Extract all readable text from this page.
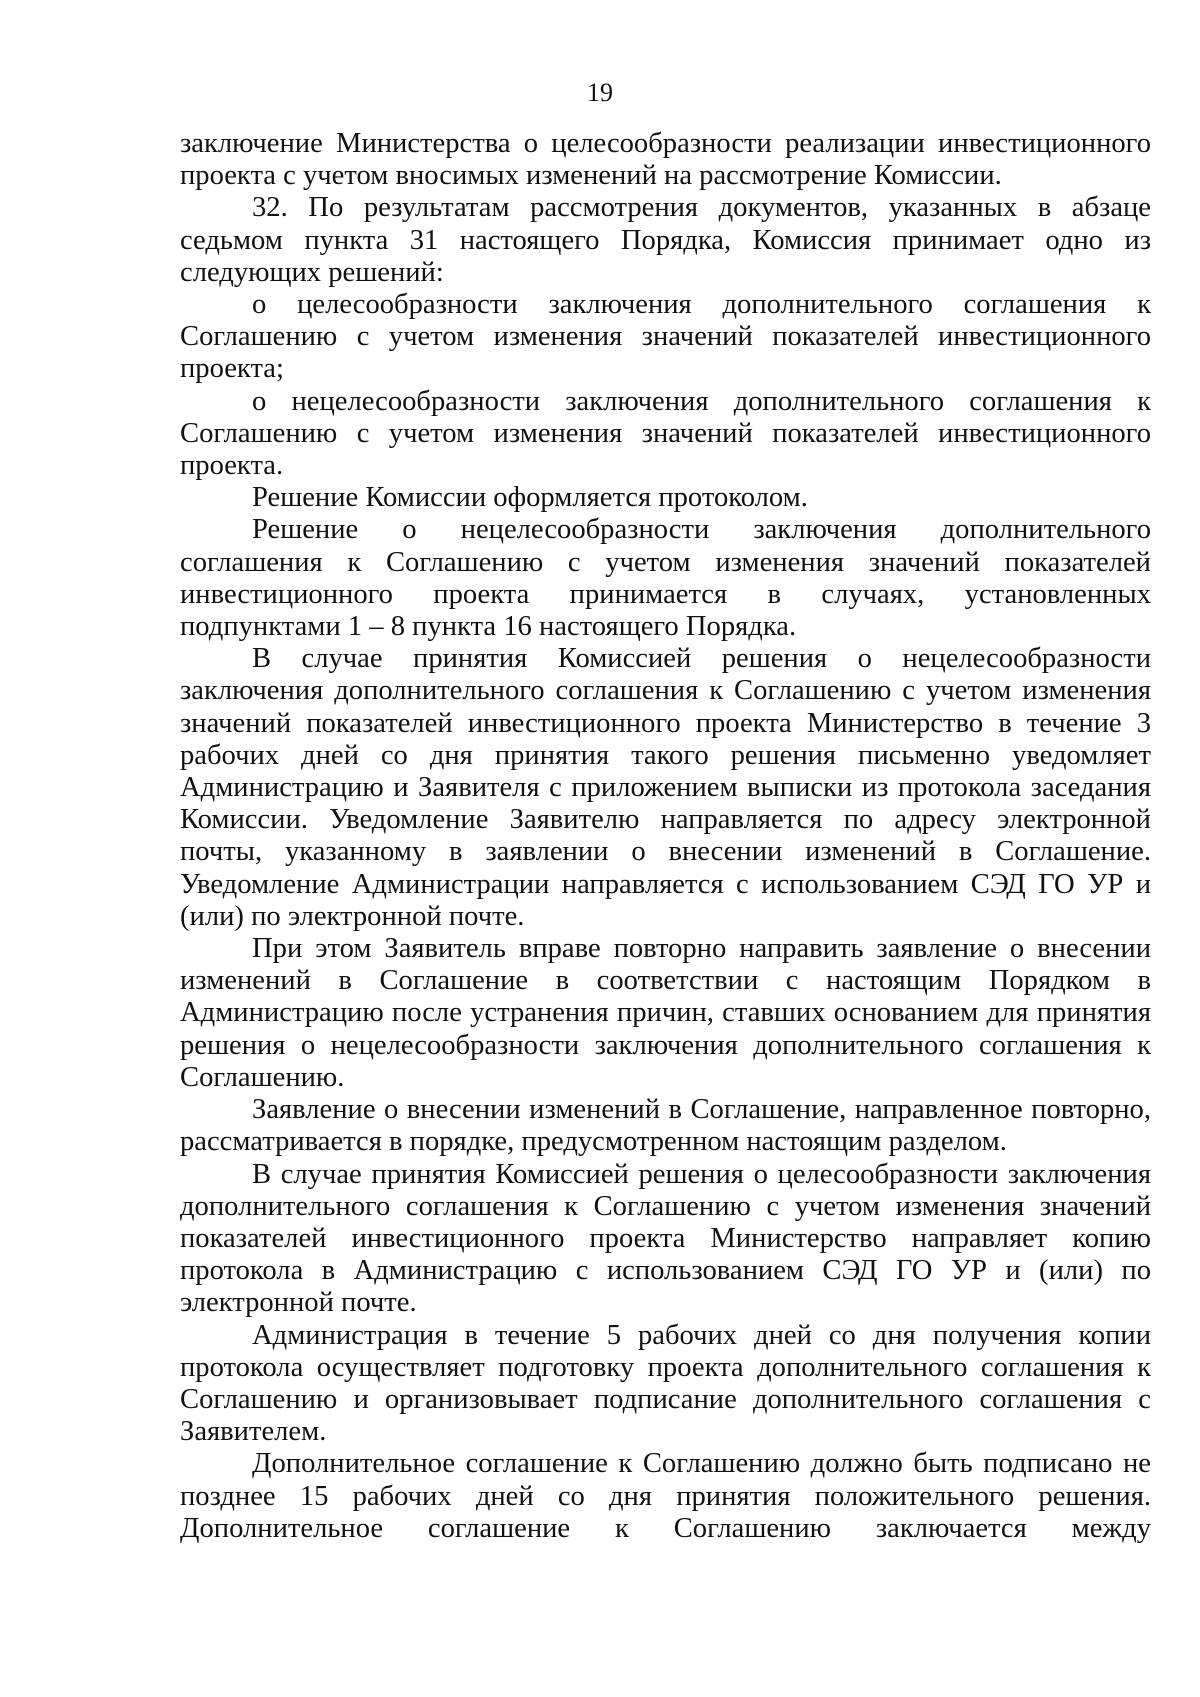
19

заключение Министерства о целесообразности реализации инвестиционного проекта с учетом вносимых изменений на рассмотрение Комиссии.

32. По результатам рассмотрения документов, указанных в абзаце седьмом пункта 31 настоящего Порядка, Комиссия принимает одно из следующих решений:

о целесообразности заключения дополнительного соглашения к Соглашению с учетом изменения значений показателей инвестиционного проекта;

о нецелесообразности заключения дополнительного соглашения к Соглашению с учетом изменения значений показателей инвестиционного проекта.

Решение Комиссии оформляется протоколом.

Решение о нецелесообразности заключения дополнительного соглашения к Соглашению с учетом изменения значений показателей инвестиционного проекта принимается в случаях, установленных подпунктами 1 – 8 пункта 16 настоящего Порядка.

В случае принятия Комиссией решения о нецелесообразности заключения дополнительного соглашения к Соглашению с учетом изменения значений показателей инвестиционного проекта Министерство в течение 3 рабочих дней со дня принятия такого решения письменно уведомляет Администрацию и Заявителя с приложением выписки из протокола заседания Комиссии. Уведомление Заявителю направляется по адресу электронной почты, указанному в заявлении о внесении изменений в Соглашение. Уведомление Администрации направляется с использованием СЭД ГО УР и (или) по электронной почте.

При этом Заявитель вправе повторно направить заявление о внесении изменений в Соглашение в соответствии с настоящим Порядком в Администрацию после устранения причин, ставших основанием для принятия решения о нецелесообразности заключения дополнительного соглашения к Соглашению.

Заявление о внесении изменений в Соглашение, направленное повторно, рассматривается в порядке, предусмотренном настоящим разделом.

В случае принятия Комиссией решения о целесообразности заключения дополнительного соглашения к Соглашению с учетом изменения значений показателей инвестиционного проекта Министерство направляет копию протокола в Администрацию с использованием СЭД ГО УР и (или) по электронной почте.

Администрация в течение 5 рабочих дней со дня получения копии протокола осуществляет подготовку проекта дополнительного соглашения к Соглашению и организовывает подписание дополнительного соглашения с Заявителем.

Дополнительное соглашение к Соглашению должно быть подписано не позднее 15 рабочих дней со дня принятия положительного решения. Дополнительное соглашение к Соглашению заключается между
